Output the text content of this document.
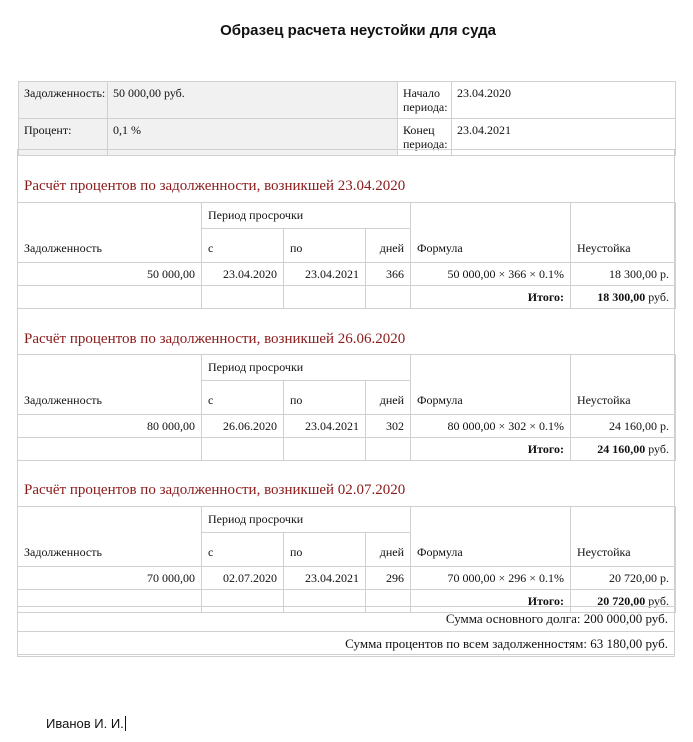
Образец расчета неустойки для суда
Задолженность:	50 000,00 руб.	Начало периода:	23.04.2020
Процент:	0,1 %	Конец периода:	23.04.2021
Расчёт процентов по задолженности, возникшей 23.04.2020
Задолженность	Период просрочки			Формула	Неустойка
	с	по	дней		
50 000,00	23.04.2020	23.04.2021	366	50 000,00 × 366 × 0.1%	18 300,00 р.
				Итого:	18 300,00 руб.
Расчёт процентов по задолженности, возникшей 26.06.2020
Задолженность	Период просрочки			Формула	Неустойка
	с	по	дней		
80 000,00	26.06.2020	23.04.2021	302	80 000,00 × 302 × 0.1%	24 160,00 р.
				Итого:	24 160,00 руб.
Расчёт процентов по задолженности, возникшей 02.07.2020
Задолженность	Период просрочки			Формула	Неустойка
	с	по	дней		
70 000,00	02.07.2020	23.04.2021	296	70 000,00 × 296 × 0.1%	20 720,00 р.
				Итого:	20 720,00 руб.
Сумма основного долга: 200 000,00 руб.
Сумма процентов по всем задолженностям: 63 180,00 руб.
Иванов И. И.
